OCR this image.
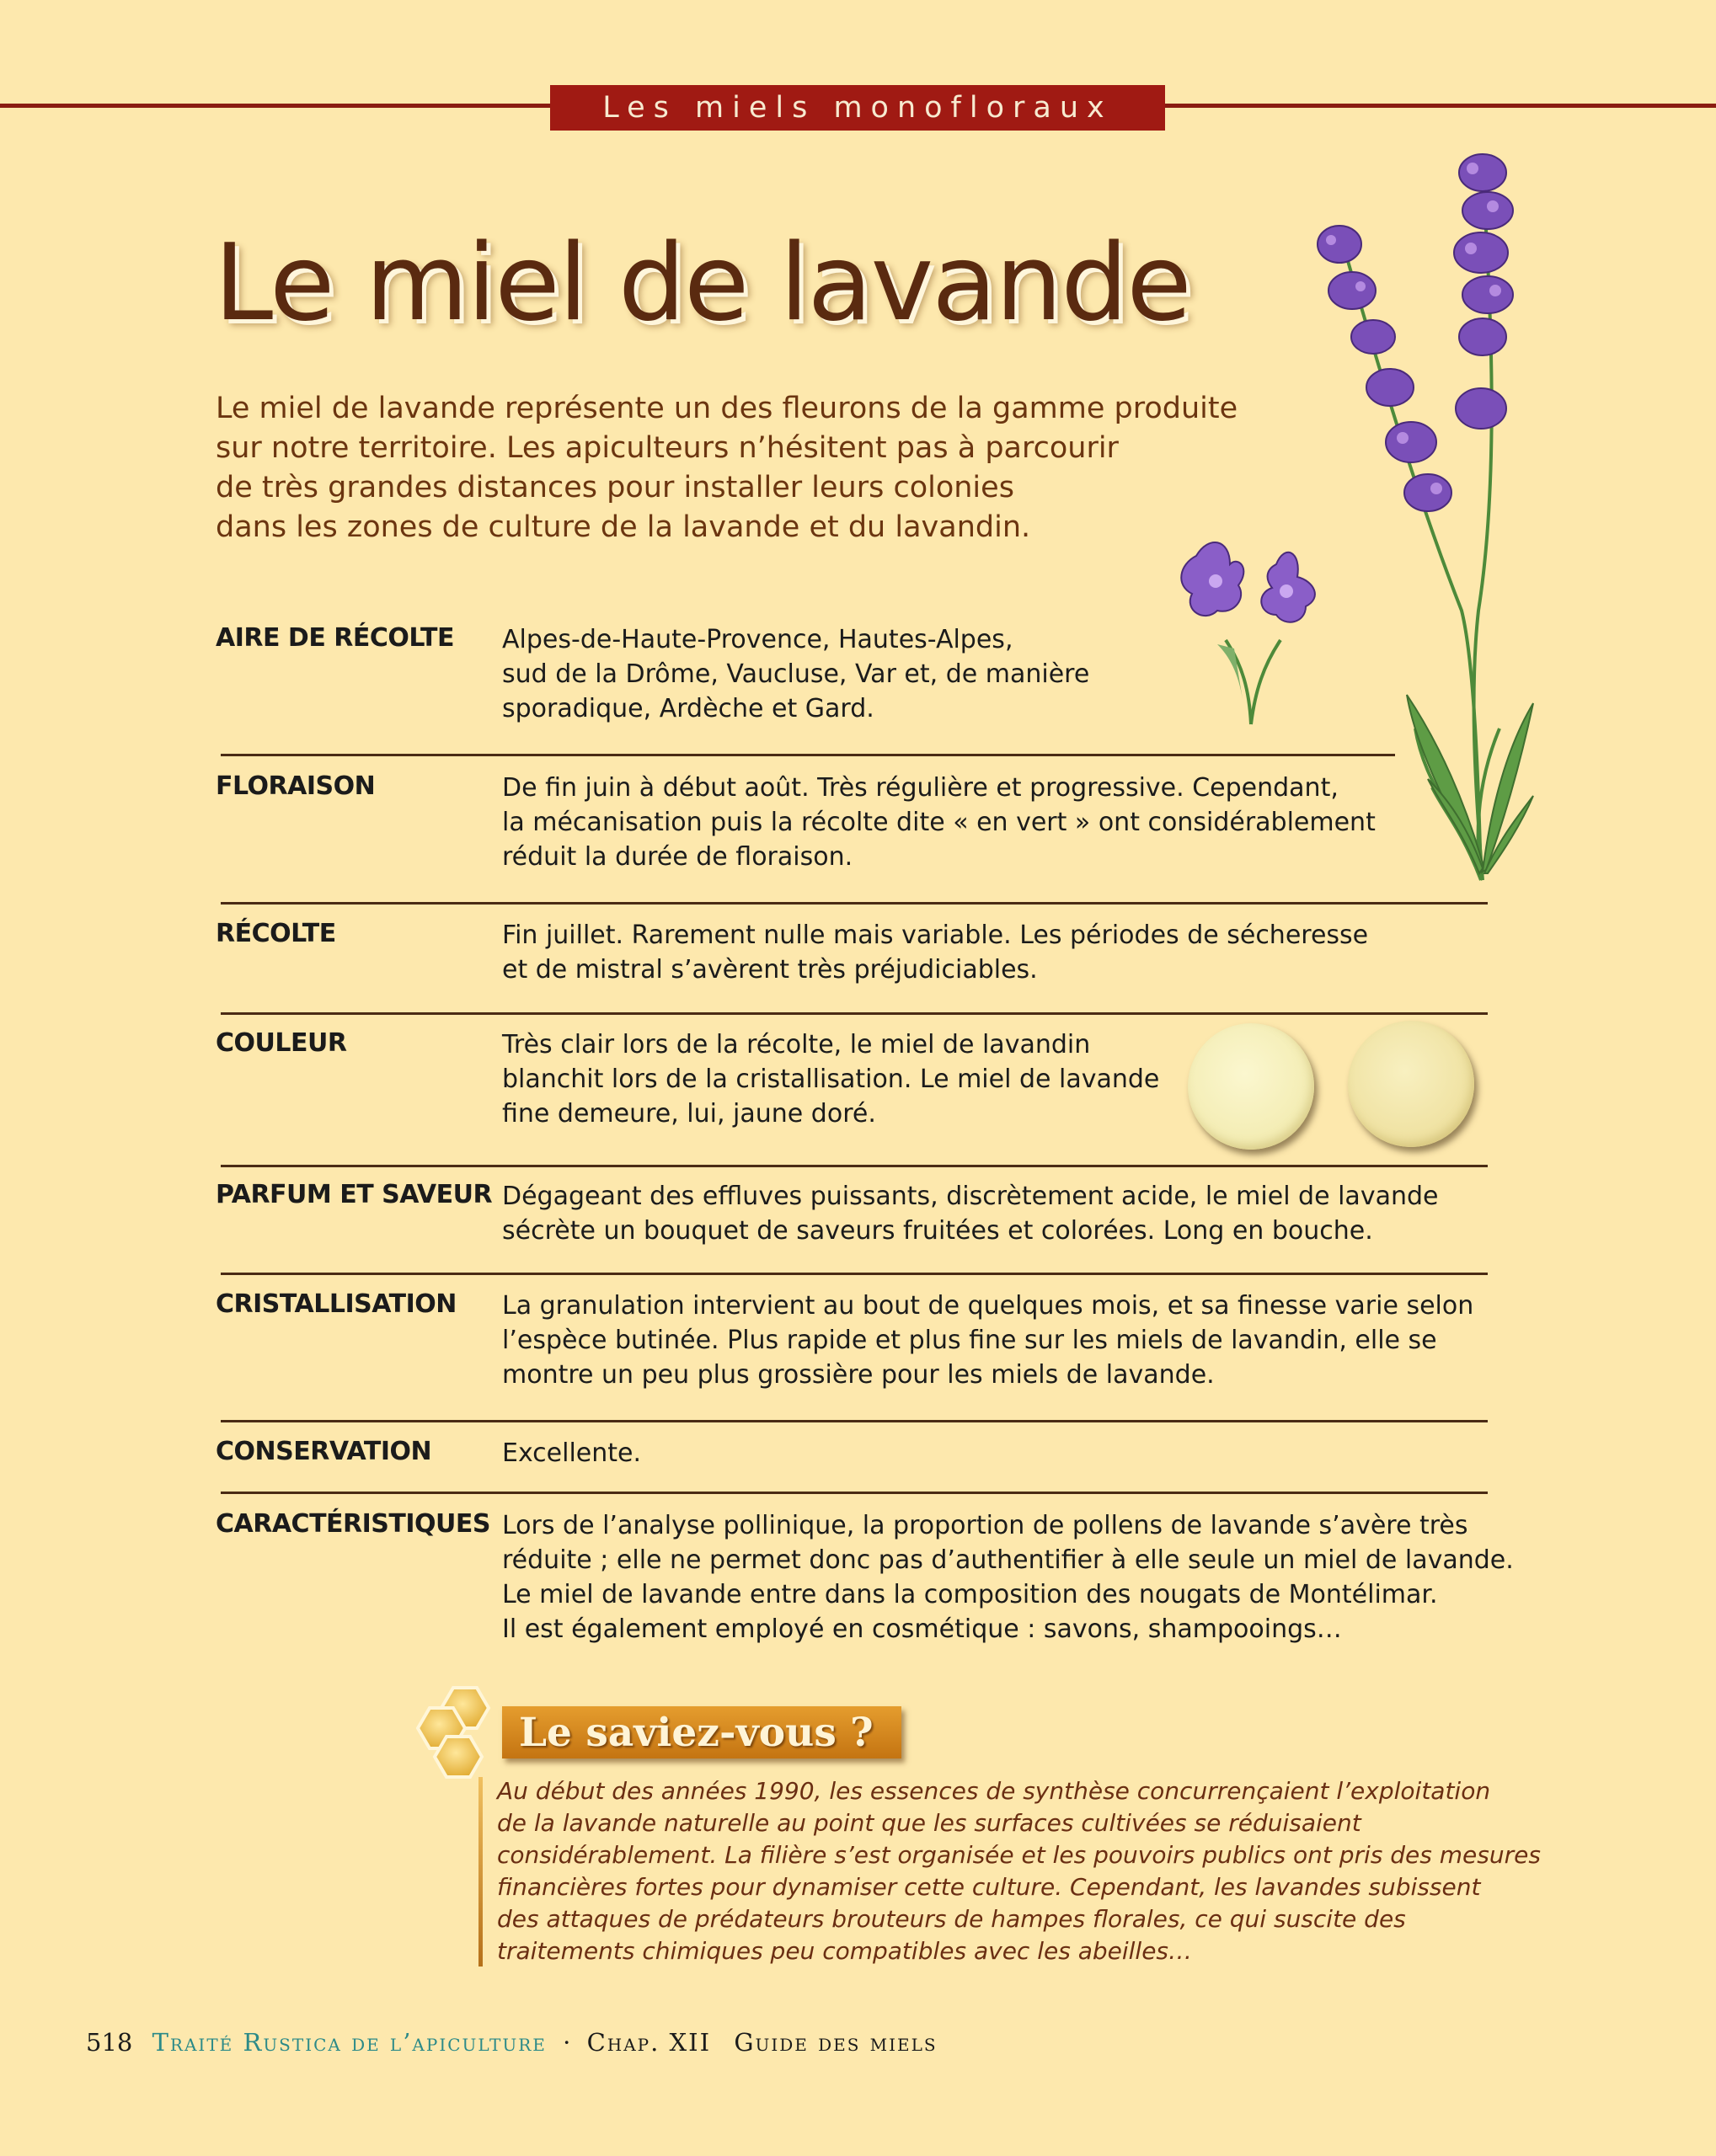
Les miels monofloraux
Le miel de lavande
Le miel de lavande représente un des fleurons de la gamme produite
sur notre territoire. Les apiculteurs n’hésitent pas à parcourir
de très grandes distances pour installer leurs colonies
dans les zones de culture de la lavande et du lavandin.
AIRE DE RÉCOLTE Alpes-de-Haute-Provence, Hautes-Alpes,
sud de la Drôme, Vaucluse, Var et, de manière
sporadique, Ardèche et Gard.
FLORAISON	De fin juin à début août. Très régulière et progressive. Cependant,
la mécanisation puis la récolte dite « en vert » ont considérablement
réduit la durée de floraison.
RÉCOLTE	Fin juillet. Rarement nulle mais variable. Les périodes de sécheresse
et de mistral s’avèrent très préjudiciables.
COULEUR	Très clair lors de la récolte, le miel de lavandin
blanchit lors de la cristallisation. Le miel de lavande
fine demeure, lui, jaune doré.
PARFUM ET SAVEUR Dégageant des effluves puissants, discrètement acide, le miel de lavande
sécrète un bouquet de saveurs fruitées et colorées. Long en bouche.
CRISTALLISATION La granulation intervient au bout de quelques mois, et sa finesse varie selon
l’espèce butinée. Plus rapide et plus fine sur les miels de lavandin, elle se
montre un peu plus grossière pour les miels de lavande.
CONSERVATION	Excellente.
CARACTÉRISTIQUES Lors de l’analyse pollinique, la proportion de pollens de lavande s’avère très
réduite ; elle ne permet donc pas d’authentifier à elle seule un miel de lavande.
Le miel de lavande entre dans la composition des nougats de Montélimar.
Il est également employé en cosmétique : savons, shampooings…
Le saviez-vous ?
Au début des années 1990, les essences de synthèse concurrençaient l’exploitation
de la lavande naturelle au point que les surfaces cultivées se réduisaient
considérablement. La filière s’est organisée et les pouvoirs publics ont pris des mesures
financières fortes pour dynamiser cette culture. Cependant, les lavandes subissent
des attaques de prédateurs brouteurs de hampes florales, ce qui suscite des
traitements chimiques peu compatibles avec les abeilles…
518 Traité Rustica de l’apiculture · Chap. XII Guide des miels
